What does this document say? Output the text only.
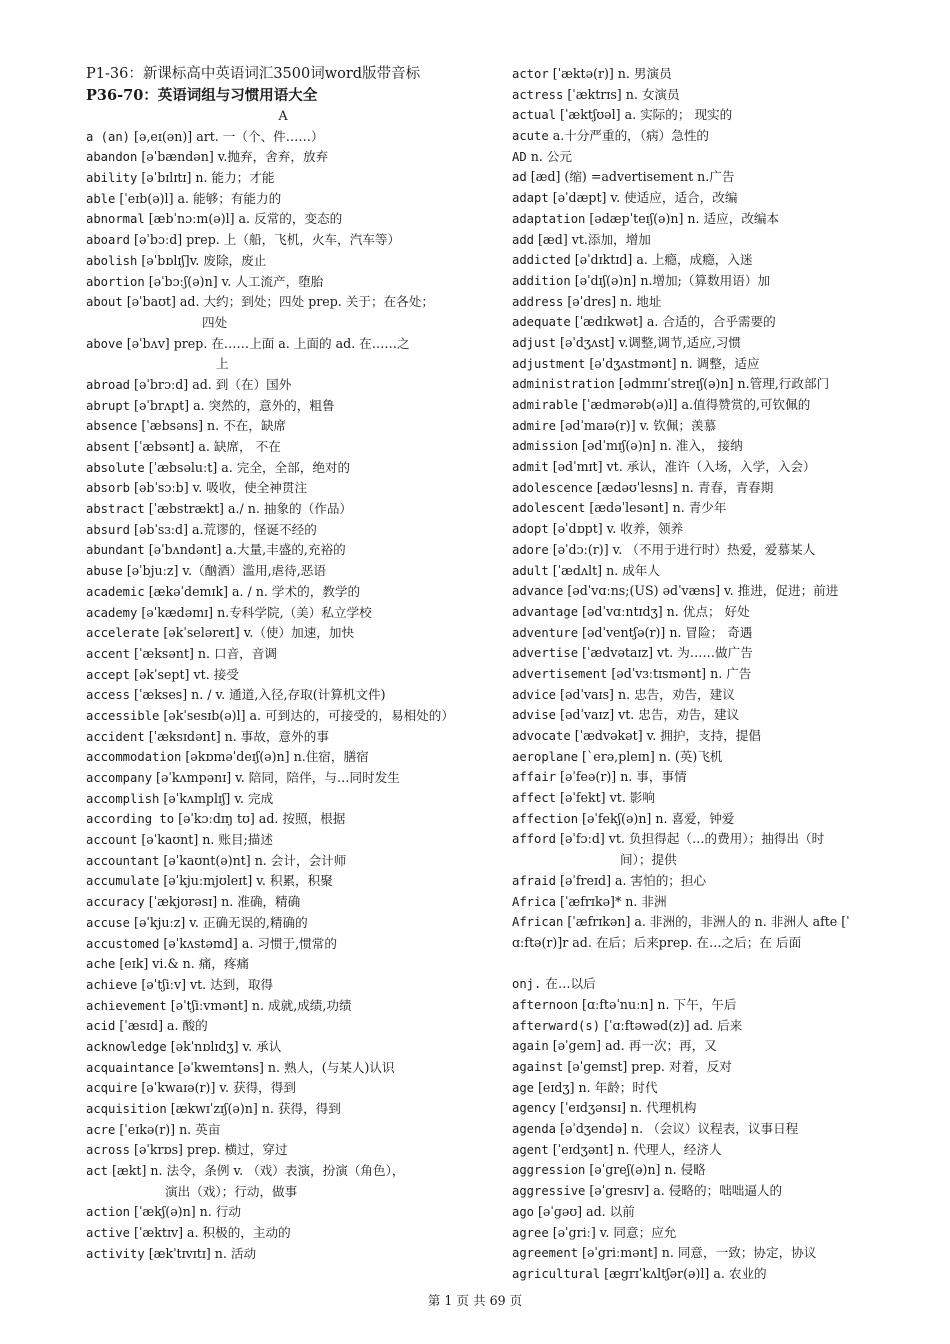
P1-36：新课标高中英语词汇3500词word版带音标
P36-70：英语词组与习惯用语大全
A
a (an) [ə,eɪ(ən)] art. 一（个、件……）
abandon [əˈbændən] v.抛弃，舍弃，放弃
ability [əˈbɪlɪtɪ] n. 能力；才能
able [ˈeɪb(ə)l] a. 能够；有能力的
abnormal [æbˈnɔːm(ə)l] a. 反常的，变态的
aboard [əˈbɔːd] prep. 上（船，飞机，火车，汽车等）
abolish [əˈbɒlɪʃ]v. 废除，废止
abortion [əˈbɔːʃ(ə)n] v. 人工流产，堕胎
about [əˈbaʊt] ad. 大约；到处；四处 prep. 关于；在各处；
四处
above [əˈbʌv] prep. 在……上面 a. 上面的 ad. 在……之
上
abroad [əˈbrɔːd] ad. 到（在）国外
abrupt [əˈbrʌpt] a. 突然的，意外的，粗鲁
absence [ˈæbsəns] n. 不在，缺席
absent [ˈæbsənt] a. 缺席， 不在
absolute [ˈæbsəluːt] a. 完全，全部，绝对的
absorb [əbˈsɔːb] v. 吸收，使全神贯注
abstract [ˈæbstrækt] a./ n. 抽象的（作品）
absurd [əbˈsɜːd] a.荒谬的，怪诞不经的
abundant [əˈbʌndənt] a.大量,丰盛的,充裕的
abuse [əˈbjuːz] v.（酗酒）滥用,虐待,恶语
academic [ækəˈdemɪk] a. / n. 学术的，教学的
academy [əˈkædəmɪ] n.专科学院,（美）私立学校
accelerate [əkˈseləreɪt] v.（使）加速，加快
accent [ˈæksənt] n. 口音，音调
accept [əkˈsept] vt. 接受
access [ˈækses] n. / v. 通道,入径,存取(计算机文件)
accessible [əkˈsesɪb(ə)l] a. 可到达的，可接受的，易相处的）
accident [ˈæksɪdənt] n. 事故，意外的事
accommodation [əkɒməˈdeɪʃ(ə)n] n.住宿，膳宿
accompany [əˈkʌmpənɪ] v. 陪同，陪伴，与…同时发生
accomplish [əˈkʌmplɪʃ] v. 完成
according to [əˈkɔːdɪŋ tʊ] ad. 按照，根据
account [əˈkaʊnt] n. 账目;描述
accountant [əˈkaʊnt(ə)nt] n. 会计，会计师
accumulate [əˈkjuːmjʊleɪt] v. 积累，积聚
accuracy [ˈækjʊrəsɪ] n. 准确，精确
accuse [əˈkjuːz] v. 正确无误的,精确的
accustomed [əˈkʌstəmd] a. 习惯于,惯常的
ache [eɪk] vi.& n. 痛，疼痛
achieve [əˈtʃiːv] vt. 达到，取得
achievement [əˈtʃiːvmənt] n. 成就,成绩,功绩
acid [ˈæsɪd] a. 酸的
acknowledge [əkˈnɒlɪdʒ] v. 承认
acquaintance [əˈkweɪntəns] n. 熟人，(与某人)认识
acquire [əˈkwaɪə(r)] v. 获得，得到
acquisition [ækwɪˈzɪʃ(ə)n] n. 获得，得到
acre [ˈeɪkə(r)] n. 英亩
across [əˈkrɒs] prep. 横过，穿过
act [ækt] n. 法令，条例 v. （戏）表演，扮演（角色），
演出（戏）；行动，做事
action [ˈækʃ(ə)n] n. 行动
active [ˈæktɪv] a. 积极的，主动的
activity [ækˈtɪvɪtɪ] n. 活动
actor [ˈæktə(r)] n. 男演员
actress [ˈæktrɪs] n. 女演员
actual [ˈæktʃʊəl] a. 实际的； 现实的
acute a.十分严重的，（病）急性的
AD n. 公元
ad [æd] (缩) =advertisement n.广告
adapt [əˈdæpt] v. 使适应，适合，改编
adaptation [ədæpˈteɪʃ(ə)n] n. 适应，改编本
add [æd] vt.添加，增加
addicted [əˈdɪktɪd] a. 上瘾，成瘾，入迷
addition [əˈdɪʃ(ə)n] n.增加;（算数用语）加
address [əˈdres] n. 地址
adequate [ˈædɪkwət] a. 合适的，合乎需要的
adjust [əˈdʒʌst] v.调整,调节,适应,习惯
adjustment [əˈdʒʌstmənt] n. 调整，适应
administration [ədmɪnɪˈstreɪʃ(ə)n] n.管理,行政部门
admirable [ˈædmərəb(ə)l] a.值得赞赏的,可钦佩的
admire [ədˈmaɪə(r)] v. 钦佩；羡慕
admission [ədˈmɪʃ(ə)n] n. 准入， 接纳
admit [ədˈmɪt] vt. 承认，准许（入场，入学，入会）
adolescence [ædəʊˈlesns] n. 青春，青春期
adolescent [ædəˈlesənt] n. 青少年
adopt [əˈdɒpt] v. 收养，领养
adore [əˈdɔː(r)] v. （不用于进行时）热爱，爱慕某人
adult [ˈædʌlt] n. 成年人
advance [ədˈvɑːns;(US) ədˈvæns] v. 推进，促进；前进
advantage [ədˈvɑːntɪdʒ] n. 优点； 好处
adventure [ədˈventʃə(r)] n. 冒险； 奇遇
advertise [ˈædvətaɪz] vt. 为……做广告
advertisement [ədˈvɜːtɪsmənt] n. 广告
advice [ədˈvaɪs] n. 忠告，劝告，建议
advise [ədˈvaɪz] vt. 忠告，劝告，建议
advocate [ˈædvəkət] v. 拥护，支持，提倡
aeroplane [`erə,pleɪn] n. (英)飞机
affair [əˈfeə(r)] n. 事，事情
affect [əˈfekt] vt. 影响
affection [əˈfekʃ(ə)n] n. 喜爱，钟爱
afford [əˈfɔːd] vt. 负担得起（…的费用）；抽得出（时
间）；提供
afraid [əˈfreɪd] a. 害怕的；担心
Africa [ˈæfrɪkə]* n. 非洲
African [ˈæfrɪkən] a. 非洲的，非洲人的 n. 非洲人 afte [ˈ
ɑːftə(r)]r ad. 在后；后来prep. 在…之后；在 后面
onj. 在…以后
afternoon [ɑːftəˈnuːn] n. 下午，午后
afterward(s) [ˈɑːftəwəd(z)] ad. 后来
again [əˈgeɪn] ad. 再一次；再，又
against [əˈgeɪnst] prep. 对着，反对
age [eɪdʒ] n. 年龄；时代
agency [ˈeɪdʒənsɪ] n. 代理机构
agenda [əˈdʒendə] n. （会议）议程表，议事日程
agent [ˈeɪdʒənt] n. 代理人，经济人
aggression [əˈgreʃ(ə)n] n. 侵略
aggressive [əˈgresɪv] a. 侵略的；咄咄逼人的
ago [əˈgəʊ] ad. 以前
agree [əˈgriː] v. 同意；应允
agreement [əˈgriːmənt] n. 同意，一致；协定，协议
agricultural [ægrɪˈkʌltʃər(ə)l] a. 农业的
第 1 页 共 69 页
